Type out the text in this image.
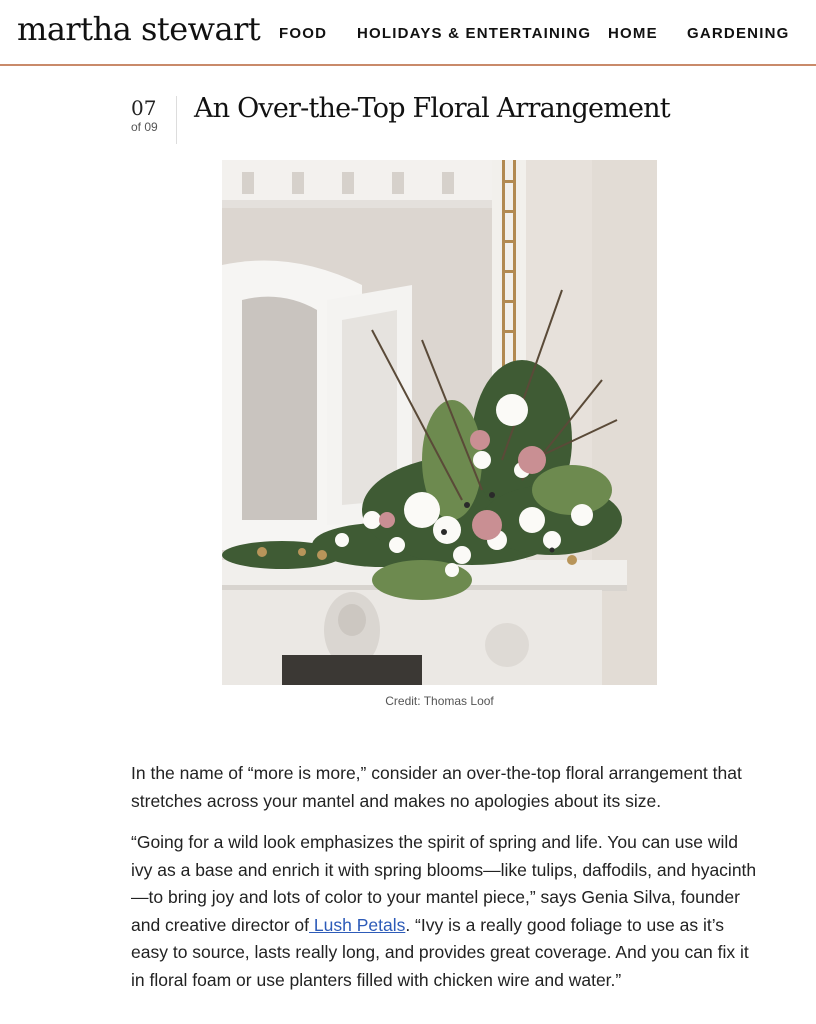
martha stewart FOOD HOLIDAYS & ENTERTAINING HOME GARDENING
07
of 09
An Over-the-Top Floral Arrangement
Credit: Thomas Loof

In the name of “more is more,” consider an over-the-top floral arrangement that stretches across your mantel and makes no apologies about its size.

“Going for a wild look emphasizes the spirit of spring and life. You can use wild ivy as a base and enrich it with spring blooms—like tulips, daffodils, and hyacinth—to bring joy and lots of color to your mantel piece,” says Genia Silva, founder and creative director of Lush Petals. “Ivy is a really good foliage to use as it’s easy to source, lasts really long, and provides great coverage. And you can fix it in floral foam or use planters filled with chicken wire and water.”
